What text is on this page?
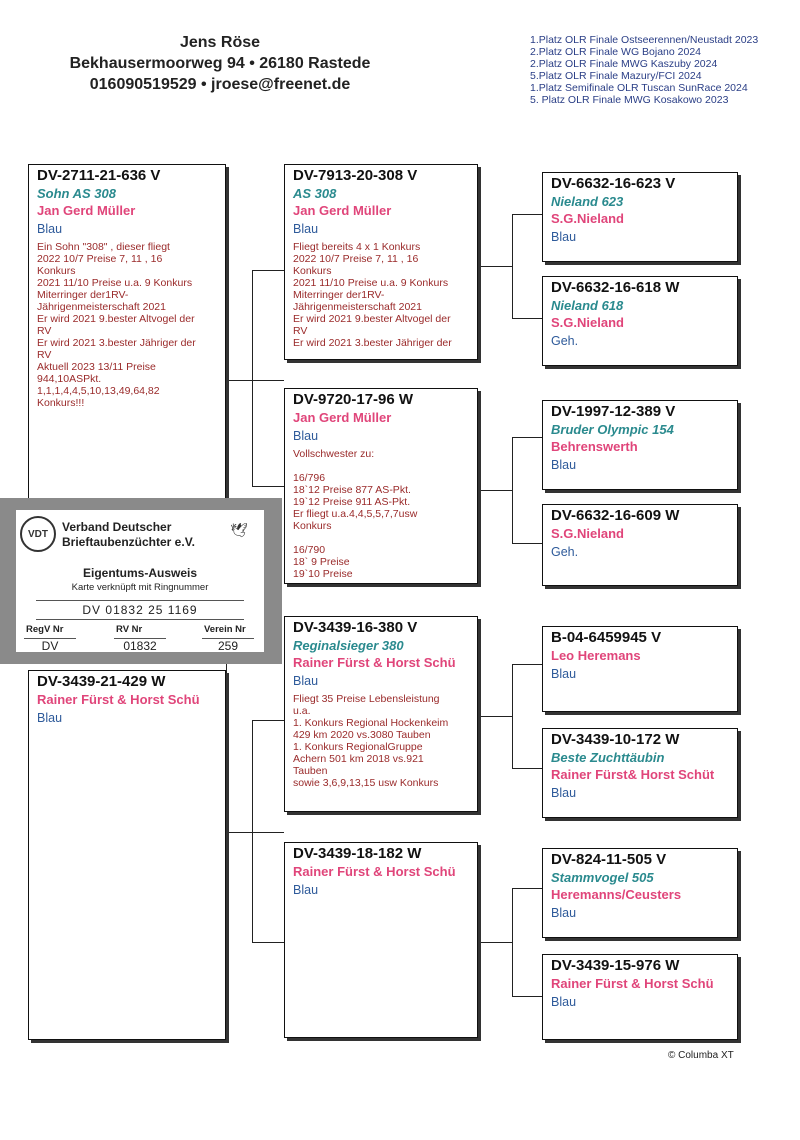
Jens Röse
Bekhausermoorweg 94 • 26180 Rastede
016090519529 • jroese@freenet.de
1.Platz OLR Finale Ostseerennen/Neustadt 2023
2.Platz OLR Finale WG Bojano 2024
2.Platz OLR Finale MWG Kaszuby 2024
5.Platz OLR Finale Mazury/FCI 2024
1.Platz Semifinale OLR Tuscan SunRace 2024
5. Platz OLR Finale MWG Kosakowo 2023
DV-2711-21-636 V
Sohn AS 308
Jan Gerd Müller
Blau
Ein Sohn "308" , dieser fliegt
2022 10/7 Preise 7, 11 , 16
Konkurs
2021 11/10 Preise u.a. 9 Konkurs
Miterringer der1RV-
Jährigenmeisterschaft 2021
Er wird 2021 9.bester Altvogel der
RV
Er wird 2021 3.bester Jähriger der
RV
Aktuell 2023 13/11 Preise
944,10ASPkt.
1,1,1,4,4,5,10,13,49,64,82
Konkurs!!!
DV-3439-21-429 W
Rainer Fürst & Horst Schü
Blau
DV-7913-20-308 V
AS 308
Jan Gerd Müller
Blau
Fliegt bereits 4 x 1 Konkurs
2022 10/7 Preise 7, 11 , 16
Konkurs
2021 11/10 Preise u.a. 9 Konkurs
Miterringer der1RV-
Jährigenmeisterschaft 2021
Er wird 2021 9.bester Altvogel der
RV
Er wird 2021 3.bester Jähriger der
DV-9720-17-96 W
Jan Gerd Müller
Blau
Vollschwester zu:

16/796
18`12 Preise 877 AS-Pkt.
19`12 Preise 911 AS-Pkt.
Er fliegt u.a.4,4,5,5,7,7usw
Konkurs

16/790
18` 9 Preise
19`10 Preise
DV-3439-16-380 V
Reginalsieger 380
Rainer Fürst & Horst Schü
Blau
Fliegt 35 Preise Lebensleistung
u.a.
1. Konkurs Regional Hockenkeim
429 km 2020 vs.3080 Tauben
1. Konkurs RegionalGruppe
Achern 501 km 2018 vs.921
Tauben
sowie 3,6,9,13,15 usw Konkurs
DV-3439-18-182 W
Rainer Fürst & Horst Schü
Blau
DV-6632-16-623 V
Nieland 623
S.G.Nieland
Blau
DV-6632-16-618 W
Nieland 618
S.G.Nieland
Geh.
DV-1997-12-389 V
Bruder Olympic 154
Behrenswerth
Blau
DV-6632-16-609 W
S.G.Nieland
Geh.
B-04-6459945 V
Leo Heremans
Blau
DV-3439-10-172 W
Beste Zuchttäubin
Rainer Fürst& Horst Schüt
Blau
DV-824-11-505 V
Stammvogel 505
Heremanns/Ceusters
Blau
DV-3439-15-976 W
Rainer Fürst & Horst Schü
Blau
VDT	Verband Deutscher
Brieftaubenzüchter e.V.
🕊
Eigentums-Ausweis
Karte verknüpft mit Ringnummer
DV 01832 25 1169
RegV Nr	RV Nr	Verein Nr
DV	01832	259
© Columba XT
